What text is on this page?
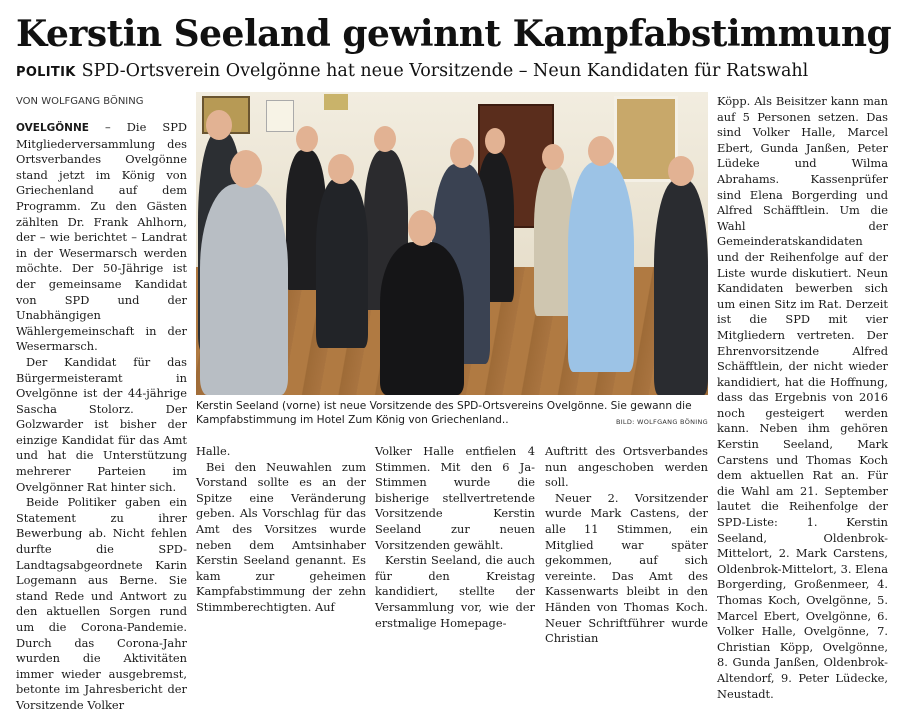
Kerstin Seeland gewinnt Kampfabstimmung
POLITIK SPD-Ortsverein Ovelgönne hat neue Vorsitzende – Neun Kandidaten für Ratswahl
VON WOLFGANG BÖNING

OVELGÖNNE – Die SPD Mitgliederversammlung des Ortsverbandes Ovelgönne stand jetzt im König von Griechenland auf dem Programm. Zu den Gästen zählten Dr. Frank Ahlhorn, der – wie berichtet – Landrat in der Wesermarsch werden möchte. Der 50-Jährige ist der gemeinsame Kandidat von SPD und der Unabhängigen Wählergemeinschaft in der Wesermarsch.

Der Kandidat für das Bürgermeisteramt in Ovelgönne ist der 44-jährige Sascha Stolorz. Der Golzwarder ist bisher der einzige Kandidat für das Amt und hat die Unterstützung mehrerer Parteien im Ovelgönner Rat hinter sich.

Beide Politiker gaben ein Statement zu ihrer Bewerbung ab. Nicht fehlen durfte die SPD-Landtagsabgeordnete Karin Logemann aus Berne. Sie stand Rede und Antwort zu den aktuellen Sorgen rund um die Corona-Pandemie. Durch das Corona-Jahr wurden die Aktivitäten immer wieder ausgebremst, betonte im Jahresbericht der Vorsitzende Volker

Kerstin Seeland (vorne) ist neue Vorsitzende des SPD-Ortsvereins Ovelgönne. Sie gewann die Kampfabstimmung im Hotel Zum König von Griechenland..	BILD: WOLFGANG BÖNING

Halle.

Bei den Neuwahlen zum Vorstand sollte es an der Spitze eine Veränderung geben. Als Vorschlag für das Amt des Vorsitzes wurde neben dem Amtsinhaber Kerstin Seeland genannt. Es kam zur geheimen Kampfabstimmung der zehn Stimmberechtigten. Auf

Volker Halle entfielen 4 Stimmen. Mit den 6 Ja-Stimmen wurde die bisherige stellvertretende Vorsitzende Kerstin Seeland zur neuen Vorsitzenden gewählt.

Kerstin Seeland, die auch für den Kreistag kandidiert, stellte der Versammlung vor, wie der erstmalige Homepage-

Auftritt des Ortsverbandes nun angeschoben werden soll.

Neuer 2. Vorsitzender wurde Mark Castens, der alle 11 Stimmen, ein Mitglied war später gekommen, auf sich vereinte. Das Amt des Kassenwarts bleibt in den Händen von Thomas Koch. Neuer Schriftführer wurde Christian

Köpp. Als Beisitzer kann man auf 5 Personen setzen. Das sind Volker Halle, Marcel Ebert, Gunda Janßen, Peter Lüdeke und Wilma Abrahams. Kassenprüfer sind Elena Borgerding und Alfred Schäfftlein. Um die Wahl der Gemeinderatskandidaten und der Reihenfolge auf der Liste wurde diskutiert. Neun Kandidaten bewerben sich um einen Sitz im Rat. Derzeit ist die SPD mit vier Mitgliedern vertreten. Der Ehrenvorsitzende Alfred Schäfftlein, der nicht wieder kandidiert, hat die Hoffnung, dass das Ergebnis von 2016 noch gesteigert werden kann. Neben ihm gehören Kerstin Seeland, Mark Carstens und Thomas Koch dem aktuellen Rat an. Für die Wahl am 21. September lautet die Reihenfolge der SPD-Liste: 1. Kerstin Seeland, Oldenbrok-Mittelort, 2. Mark Carstens, Oldenbrok-Mittelort, 3. Elena Borgerding, Großenmeer, 4. Thomas Koch, Ovelgönne, 5. Marcel Ebert, Ovelgönne, 6. Volker Halle, Ovelgönne, 7. Christian Köpp, Ovelgönne, 8. Gunda Janßen, Oldenbrok-Altendorf, 9. Peter Lüdecke, Neustadt.
